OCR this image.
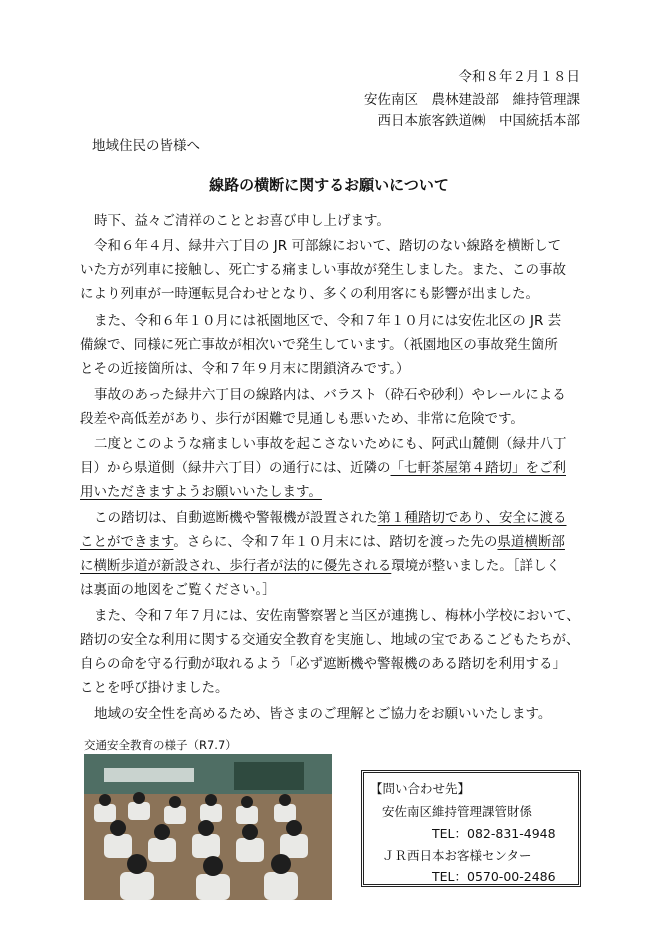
令和８年２月１８日
安佐南区　農林建設部　維持管理課
西日本旅客鉄道㈱　中国統括本部
地域住民の皆様へ
線路の横断に関するお願いについて
時下、益々ご清祥のこととお喜び申し上げます。
令和６年４月、緑井六丁目の JR 可部線において、踏切のない線路を横断して
いた方が列車に接触し、死亡する痛ましい事故が発生しました。また、この事故
により列車が一時運転見合わせとなり、多くの利用客にも影響が出ました。
また、令和６年１０月には祇園地区で、令和７年１０月には安佐北区の JR 芸
備線で、同様に死亡事故が相次いで発生しています。（祇園地区の事故発生箇所
とその近接箇所は、令和７年９月末に閉鎖済みです。）
事故のあった緑井六丁目の線路内は、バラスト（砕石や砂利）やレールによる
段差や高低差があり、歩行が困難で見通しも悪いため、非常に危険です。
二度とこのような痛ましい事故を起こさないためにも、阿武山麓側（緑井八丁
目）から県道側（緑井六丁目）の通行には、近隣の「七軒茶屋第４踏切」をご利
用いただきますようお願いいたします。
この踏切は、自動遮断機や警報機が設置された第１種踏切であり、安全に渡る
ことができます。さらに、令和７年１０月末には、踏切を渡った先の県道横断部
に横断歩道が新設され、歩行者が法的に優先される環境が整いました。［詳しく
は裏面の地図をご覧ください。］
また、令和７年７月には、安佐南警察署と当区が連携し、梅林小学校において、
踏切の安全な利用に関する交通安全教育を実施し、地域の宝であるこどもたちが、
自らの命を守る行動が取れるよう「必ず遮断機や警報機のある踏切を利用する」
ことを呼び掛けました。
地域の安全性を高めるため、皆さまのご理解とご協力をお願いいたします。
交通安全教育の様子（R7.7）
【問い合わせ先】
安佐南区維持管理課管財係
TEL：082-831-4948
ＪＲ西日本お客様センター
TEL：0570-00-2486
